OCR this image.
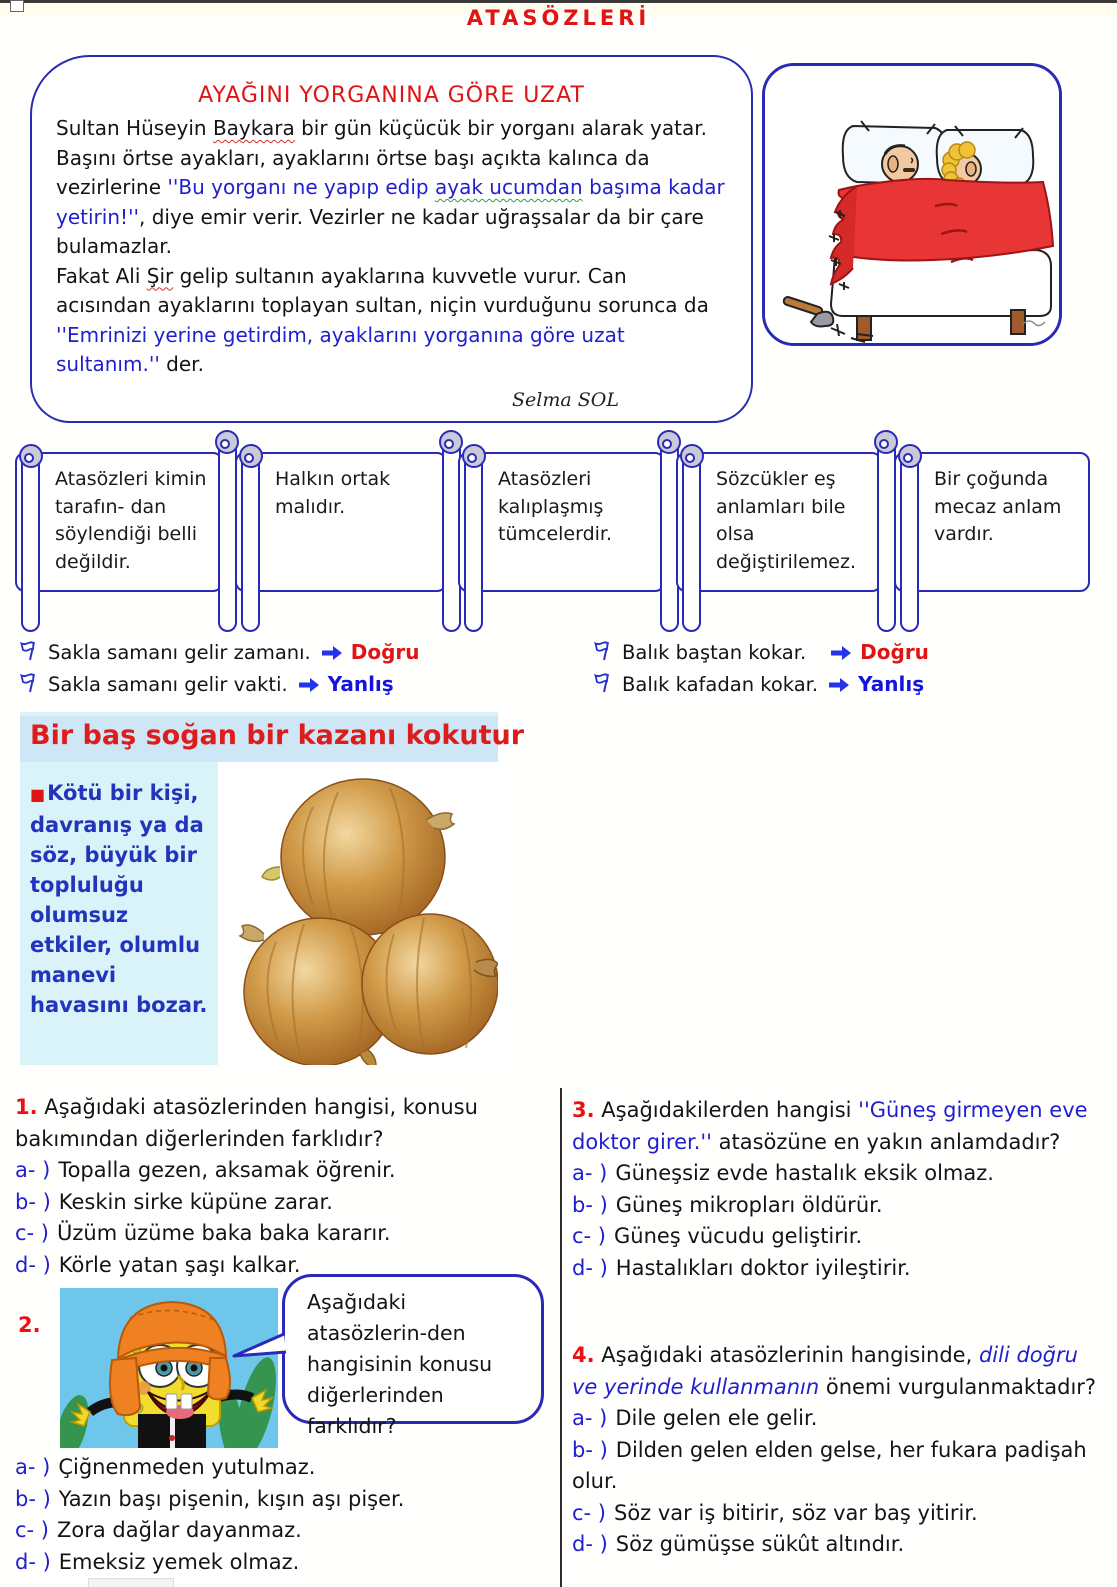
ATASÖZLERİ
AYAĞINI YORGANINA GÖRE UZAT
Sultan Hüseyin Baykara bir gün küçücük bir yorganı alarak yatar. Başını örtse ayakları, ayaklarını örtse başı açıkta kalınca da vezirlerine ''Bu yorganı ne yapıp edip ayak ucumdan başıma kadar yetirin!'', diye emir verir. Vezirler ne kadar uğraşsalar da bir çare bulamazlar.
Fakat Ali Şir gelip sultanın ayaklarına kuvvetle vurur. Can acısından ayaklarını toplayan sultan, niçin vurduğunu sorunca da ''Emrinizi yerine getirdim, ayaklarını yorganına göre uzat sultanım.'' der.
Selma SOL
Atasözleri kimin tarafın- dan söylendiği belli değildir.
Halkın ortak malıdır.
Atasözleri kalıplaşmış tümcelerdir.
Sözcükler eş anlamları bile olsa değiştirilemez.
Bir çoğunda mecaz anlam vardır.
Sakla samanı gelir zamanı. Doğru
Sakla samanı gelir vakti. Yanlış
Balık baştan kokar.	Doğru
Balık kafadan kokar. Yanlış
Bir baş soğan bir kazanı kokutur
■Kötü bir kişi, davranış ya da söz, büyük bir topluluğu olumsuz etkiler, olumlu manevi havasını bozar.
1. Aşağıdaki atasözlerinden hangisi, konusu bakımından diğerlerinden farklıdır?
a- ) Topalla gezen, aksamak öğrenir.
b- ) Keskin sirke küpüne zarar.
c- ) Üzüm üzüme baka baka kararır.
d- ) Körle yatan şaşı kalkar.
2.
Aşağıdaki atasözlerin-den hangisinin konusu diğerlerinden farklıdır?
a- ) Çiğnenmeden yutulmaz.
b- ) Yazın başı pişenin, kışın aşı pişer.
c- ) Zora dağlar dayanmaz.
d- ) Emeksiz yemek olmaz.
3. Aşağıdakilerden hangisi ''Güneş girmeyen eve doktor girer.'' atasözüne en yakın anlamdadır?
a- ) Güneşsiz evde hastalık eksik olmaz.
b- ) Güneş mikropları öldürür.
c- ) Güneş vücudu geliştirir.
d- ) Hastalıkları doktor iyileştirir.
4. Aşağıdaki atasözlerinin hangisinde, dili doğru ve yerinde kullanmanın önemi vurgulanmaktadır?
a- ) Dile gelen ele gelir.
b- ) Dilden gelen elden gelse, her fukara padişah olur.
c- ) Söz var iş bitirir, söz var baş yitirir.
d- ) Söz gümüşse sükût altındır.
